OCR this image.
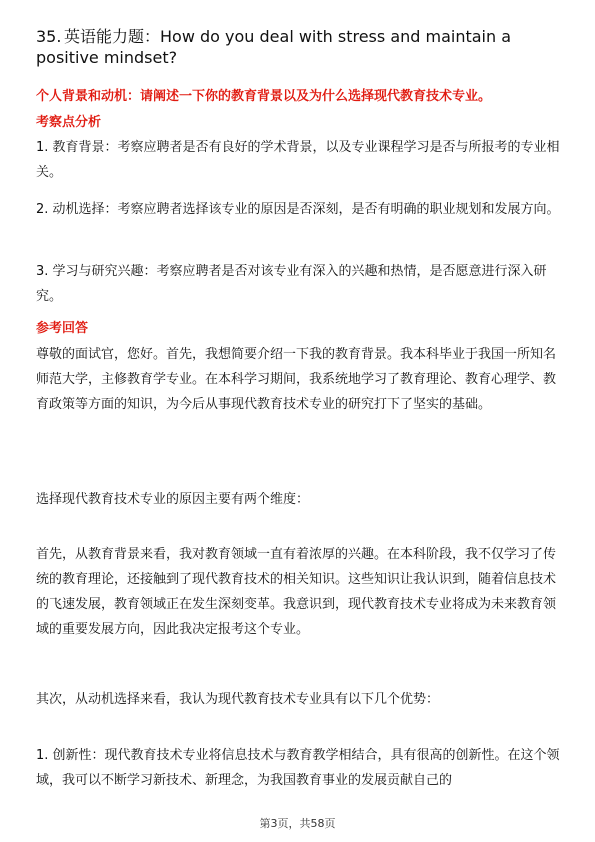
35. 英语能力题：How do you deal with stress and maintain a positive mindset?
个人背景和动机：请阐述一下你的教育背景以及为什么选择现代教育技术专业。
考察点分析
1. 教育背景：考察应聘者是否有良好的学术背景，以及专业课程学习是否与所报考的专业相关。
2. 动机选择：考察应聘者选择该专业的原因是否深刻，是否有明确的职业规划和发展方向。
3. 学习与研究兴趣：考察应聘者是否对该专业有深入的兴趣和热情，是否愿意进行深入研究。
参考回答
尊敬的面试官，您好。首先，我想简要介绍一下我的教育背景。我本科毕业于我国一所知名师范大学，主修教育学专业。在本科学习期间，我系统地学习了教育理论、教育心理学、教育政策等方面的知识，为今后从事现代教育技术专业的研究打下了坚实的基础。
选择现代教育技术专业的原因主要有两个维度：
首先，从教育背景来看，我对教育领域一直有着浓厚的兴趣。在本科阶段，我不仅学习了传统的教育理论，还接触到了现代教育技术的相关知识。这些知识让我认识到，随着信息技术的飞速发展，教育领域正在发生深刻变革。我意识到，现代教育技术专业将成为未来教育领域的重要发展方向，因此我决定报考这个专业。
其次，从动机选择来看，我认为现代教育技术专业具有以下几个优势：
1. 创新性：现代教育技术专业将信息技术与教育教学相结合，具有很高的创新性。在这个领域，我可以不断学习新技术、新理念，为我国教育事业的发展贡献自己的
第3页，共58页
